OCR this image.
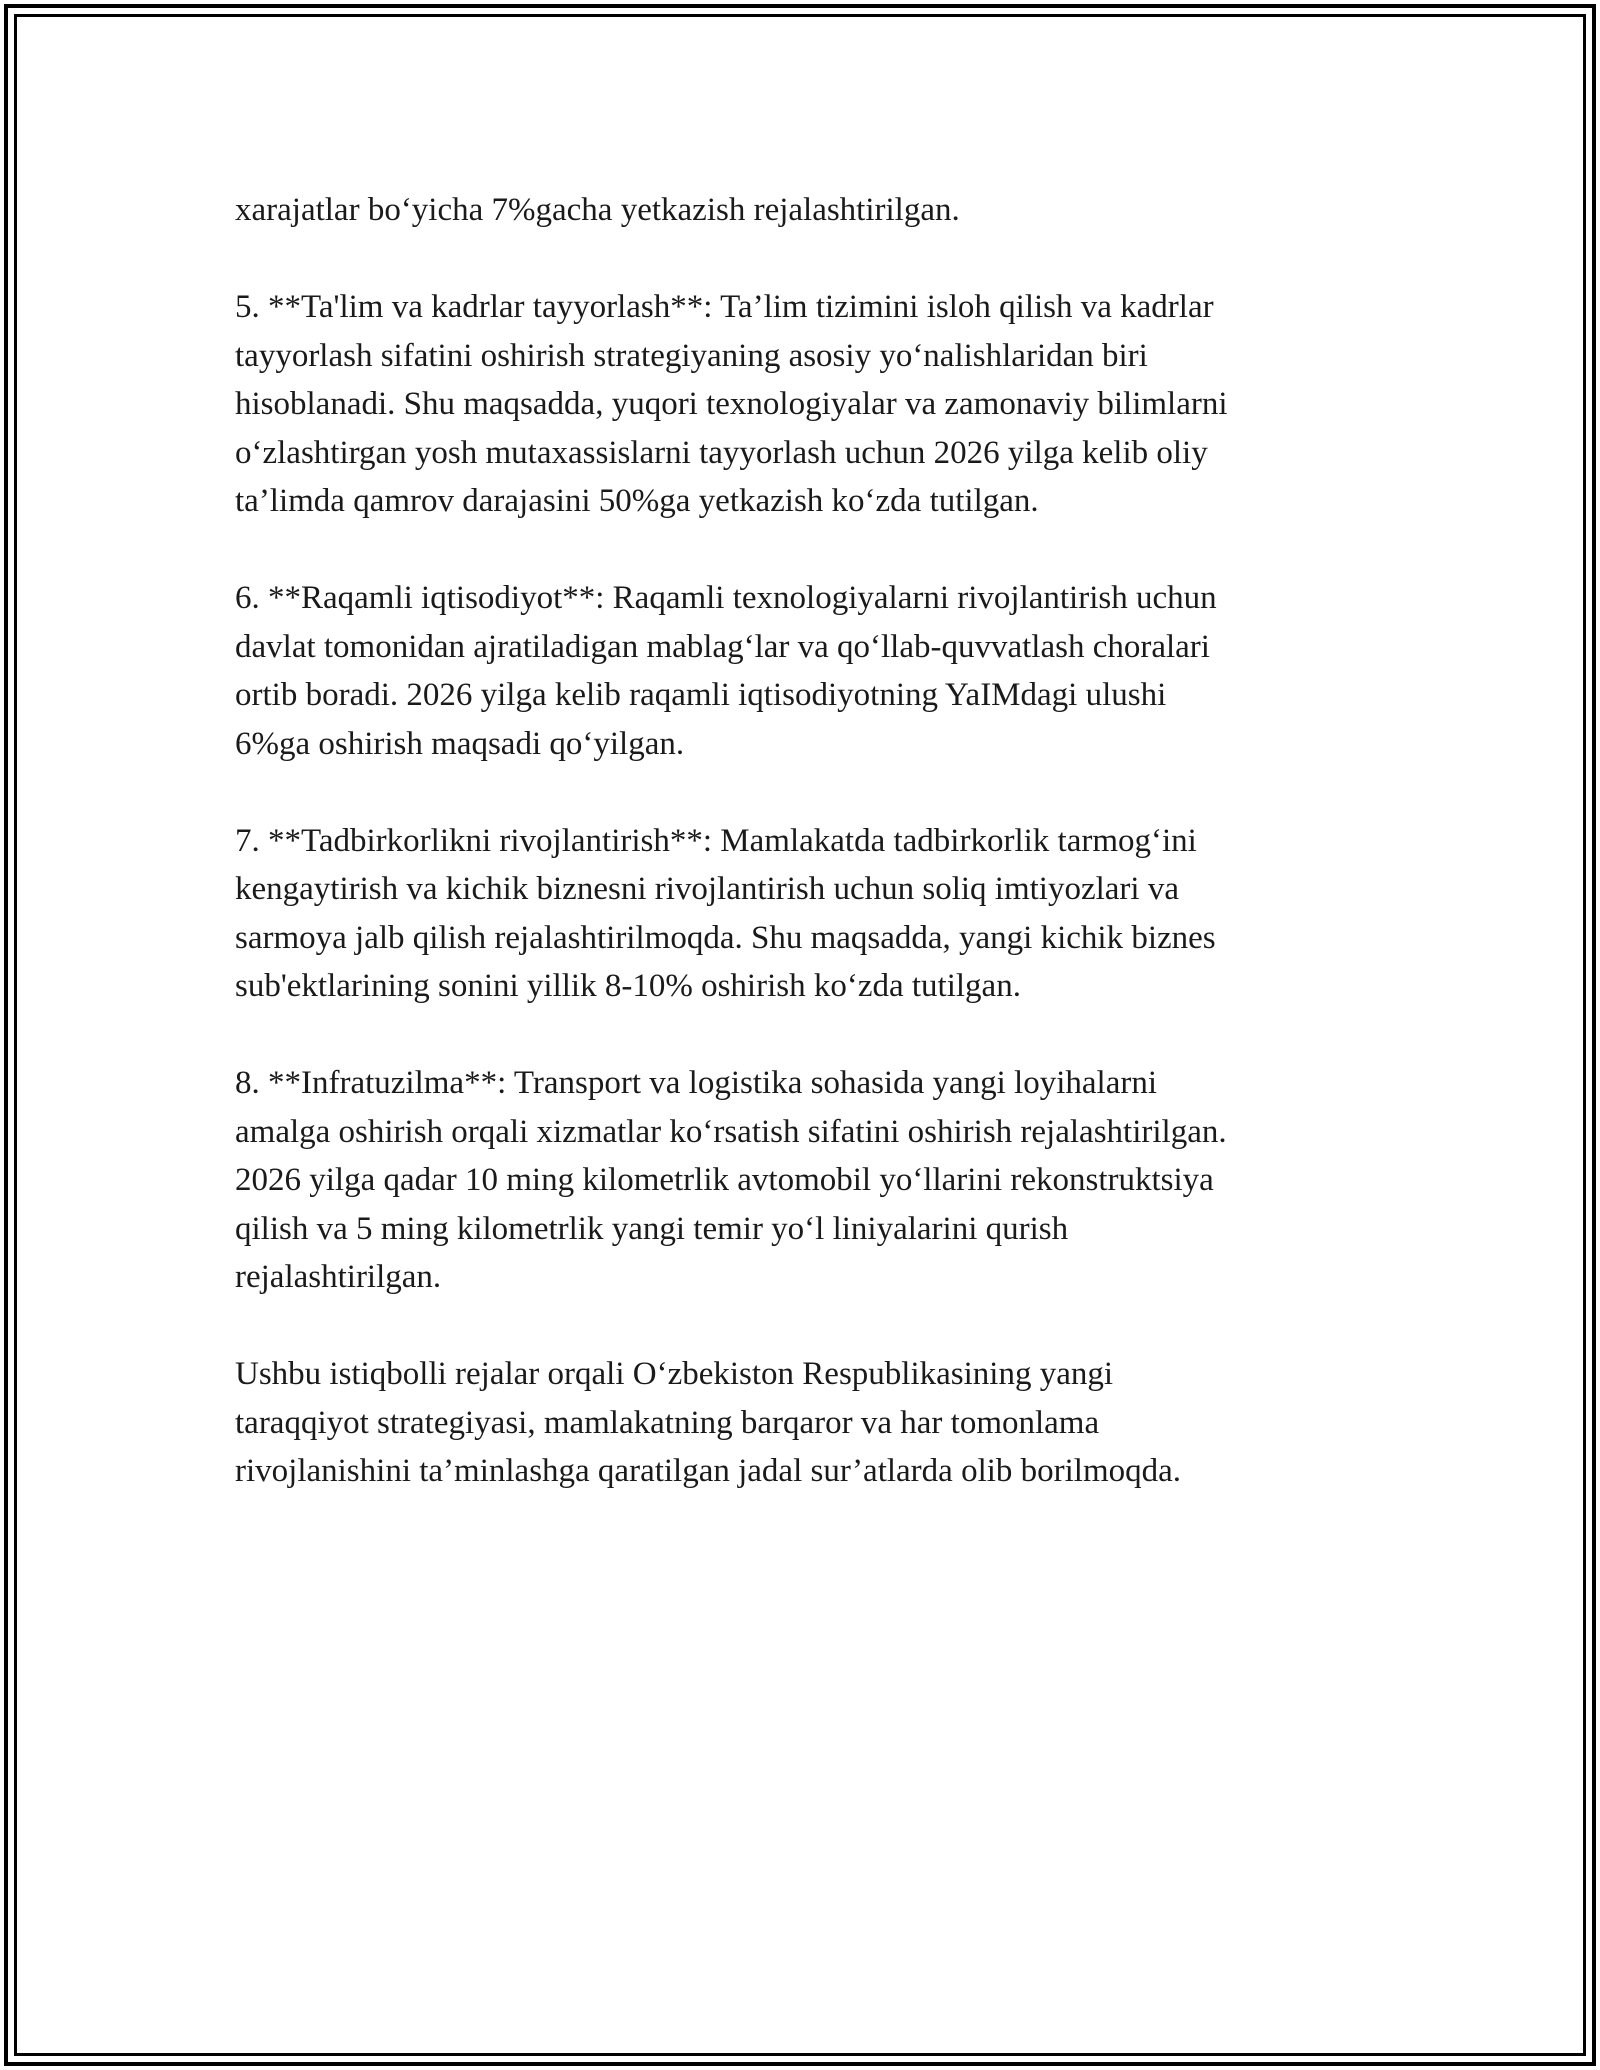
xarajatlar bo‘yicha 7%gacha yetkazish rejalashtirilgan.

5. **Ta'lim va kadrlar tayyorlash**: Ta’lim tizimini isloh qilish va kadrlar
tayyorlash sifatini oshirish strategiyaning asosiy yo‘nalishlaridan biri
hisoblanadi. Shu maqsadda, yuqori texnologiyalar va zamonaviy bilimlarni
o‘zlashtirgan yosh mutaxassislarni tayyorlash uchun 2026 yilga kelib oliy
ta’limda qamrov darajasini 50%ga yetkazish ko‘zda tutilgan.

6. **Raqamli iqtisodiyot**: Raqamli texnologiyalarni rivojlantirish uchun
davlat tomonidan ajratiladigan mablag‘lar va qo‘llab-quvvatlash choralari
ortib boradi. 2026 yilga kelib raqamli iqtisodiyotning YaIMdagi ulushi
6%ga oshirish maqsadi qo‘yilgan.

7. **Tadbirkorlikni rivojlantirish**: Mamlakatda tadbirkorlik tarmog‘ini
kengaytirish va kichik biznesni rivojlantirish uchun soliq imtiyozlari va
sarmoya jalb qilish rejalashtirilmoqda. Shu maqsadda, yangi kichik biznes
sub'ektlarining sonini yillik 8-10% oshirish ko‘zda tutilgan.

8. **Infratuzilma**: Transport va logistika sohasida yangi loyihalarni
amalga oshirish orqali xizmatlar ko‘rsatish sifatini oshirish rejalashtirilgan.
2026 yilga qadar 10 ming kilometrlik avtomobil yo‘llarini rekonstruktsiya
qilish va 5 ming kilometrlik yangi temir yo‘l liniyalarini qurish
rejalashtirilgan.

Ushbu istiqbolli rejalar orqali O‘zbekiston Respublikasining yangi
taraqqiyot strategiyasi, mamlakatning barqaror va har tomonlama
rivojlanishini ta’minlashga qaratilgan jadal sur’atlarda olib borilmoqda.
